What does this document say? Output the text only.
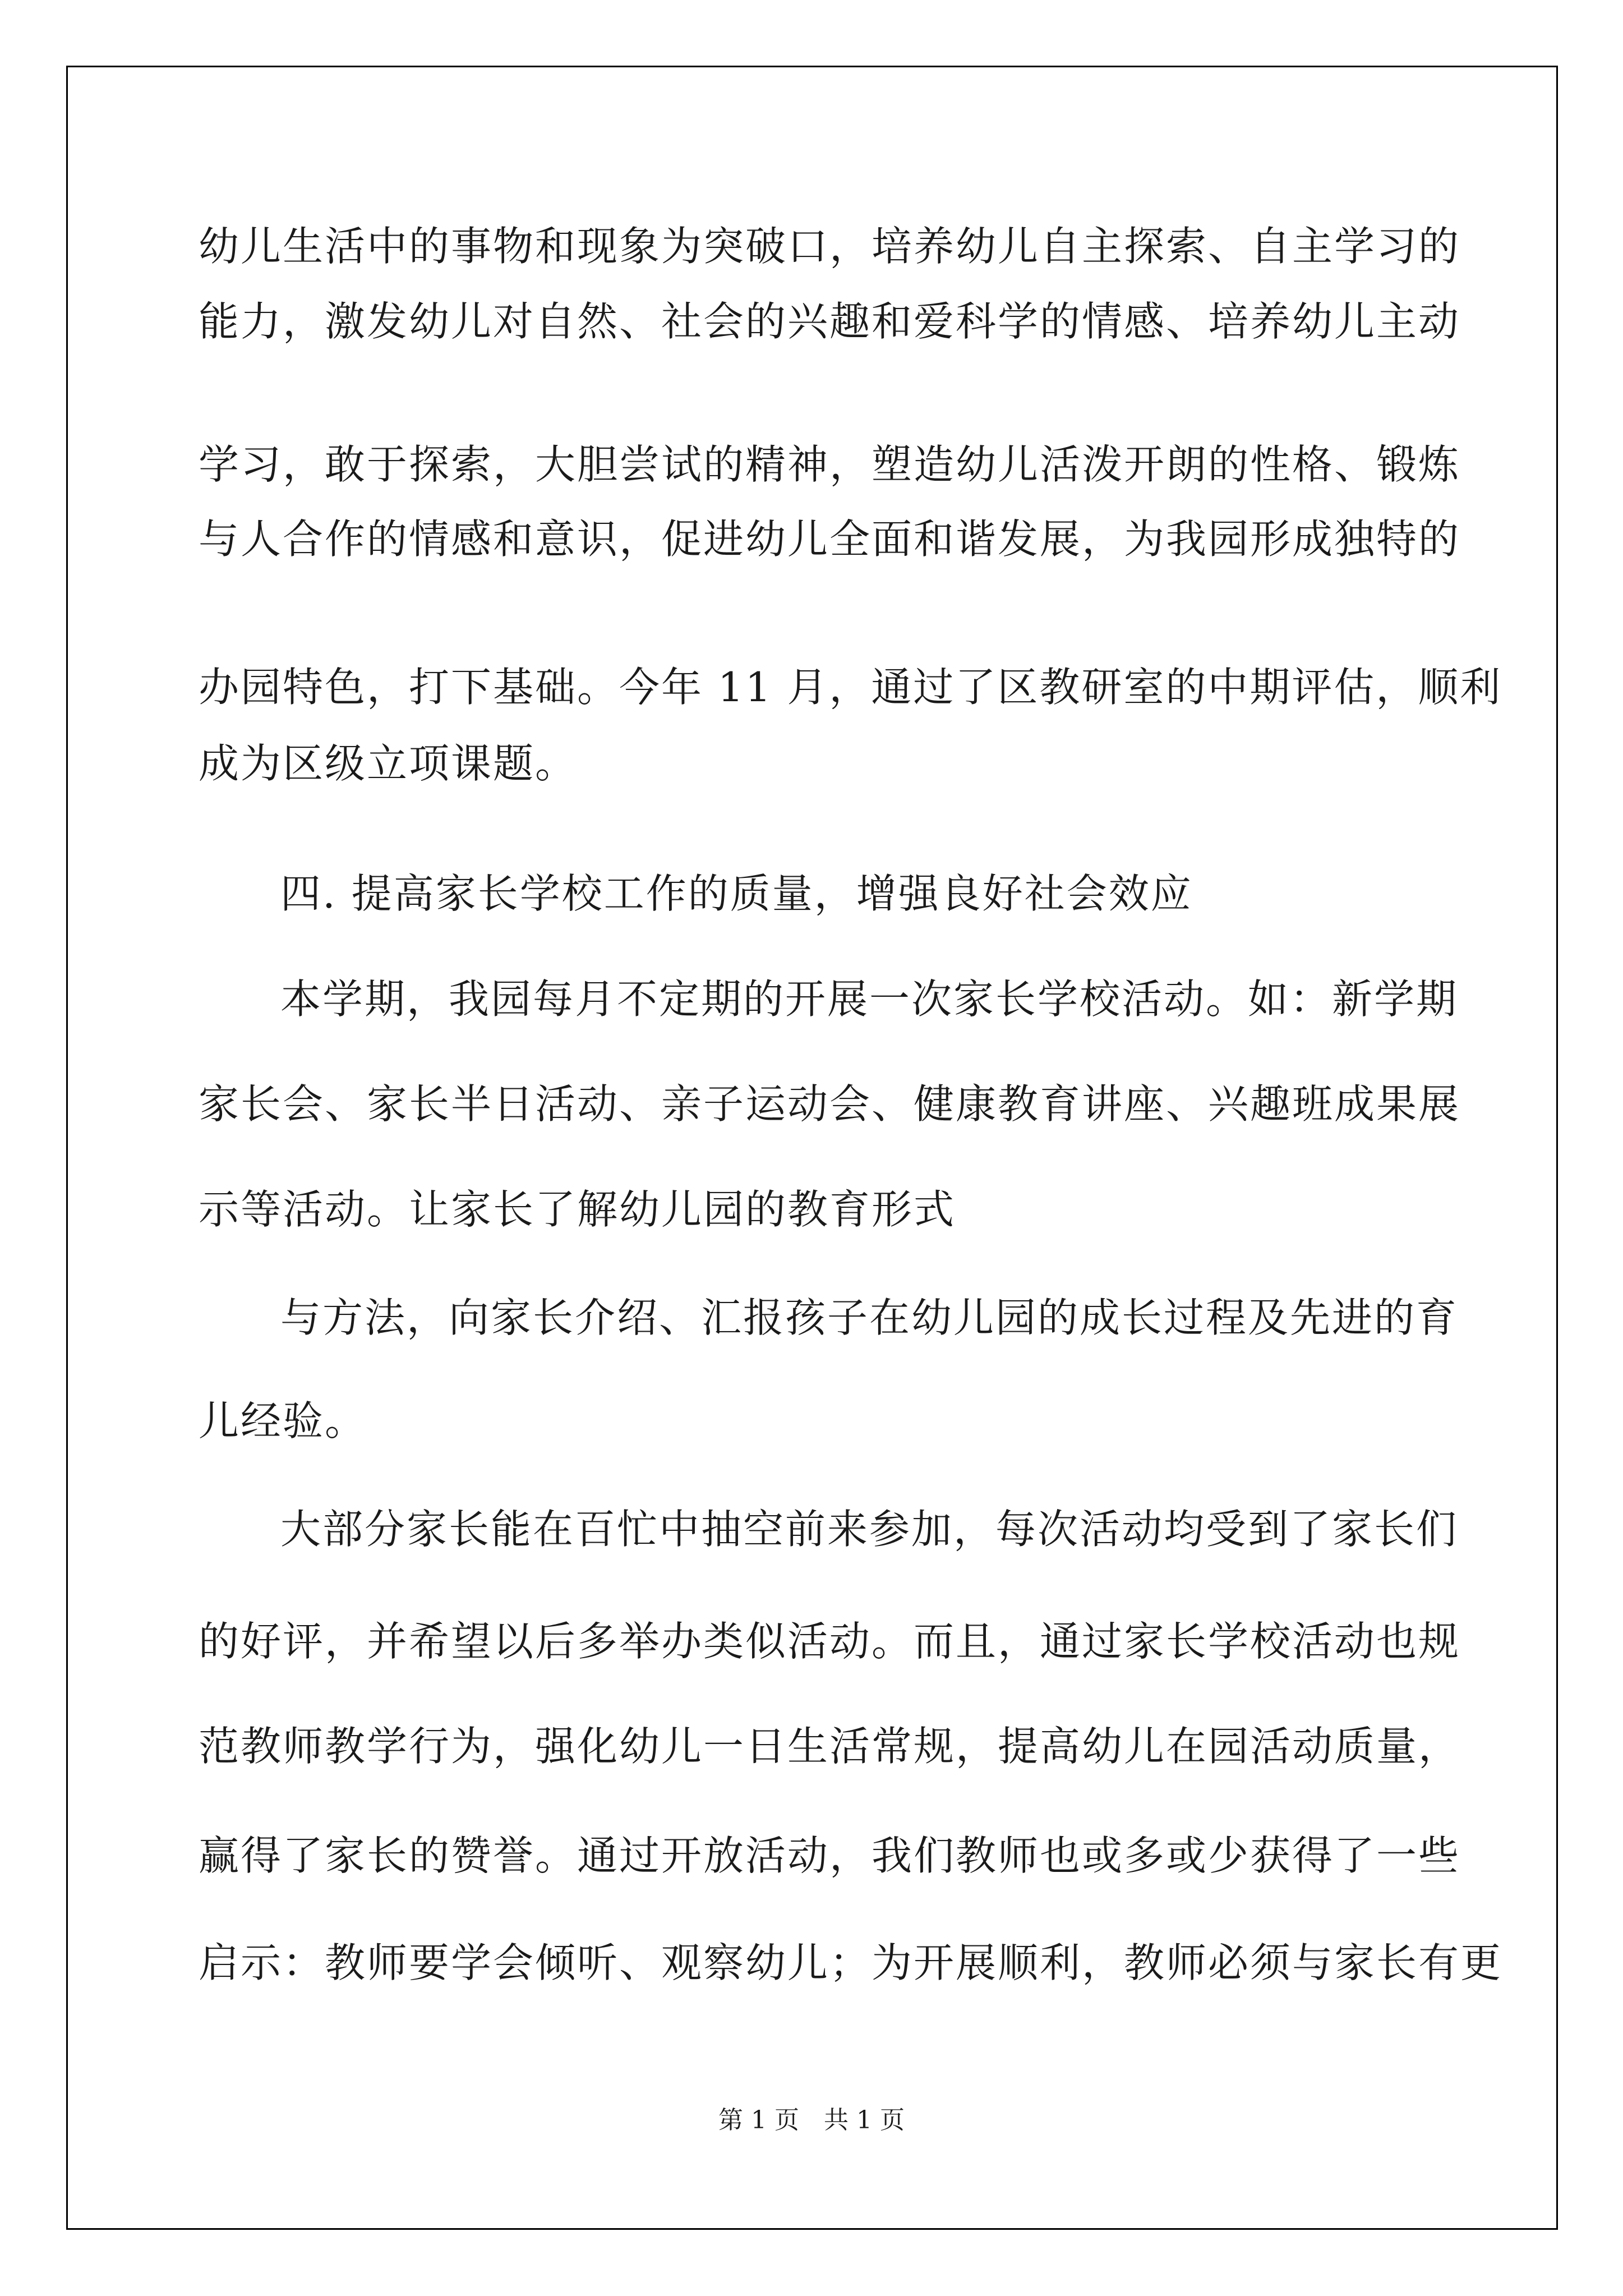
幼儿生活中的事物和现象为突破口，培养幼儿自主探索、自主学习的
能力，激发幼儿对自然、社会的兴趣和爱科学的情感、培养幼儿主动
学习，敢于探索，大胆尝试的精神，塑造幼儿活泼开朗的性格、锻炼
与人合作的情感和意识，促进幼儿全面和谐发展，为我园形成独特的
办园特色，打下基础。今年 11 月，通过了区教研室的中期评估，顺利
成为区级立项课题。
四. 提高家长学校工作的质量，增强良好社会效应
本学期，我园每月不定期的开展一次家长学校活动。如：新学期
家长会、家长半日活动、亲子运动会、健康教育讲座、兴趣班成果展
示等活动。让家长了解幼儿园的教育形式
与方法，向家长介绍、汇报孩子在幼儿园的成长过程及先进的育
儿经验。
大部分家长能在百忙中抽空前来参加，每次活动均受到了家长们
的好评，并希望以后多举办类似活动。而且，通过家长学校活动也规
范教师教学行为，强化幼儿一日生活常规，提高幼儿在园活动质量，
赢得了家长的赞誉。通过开放活动，我们教师也或多或少获得了一些
启示：教师要学会倾听、观察幼儿；为开展顺利，教师必须与家长有更
第 1 页　共 1 页
